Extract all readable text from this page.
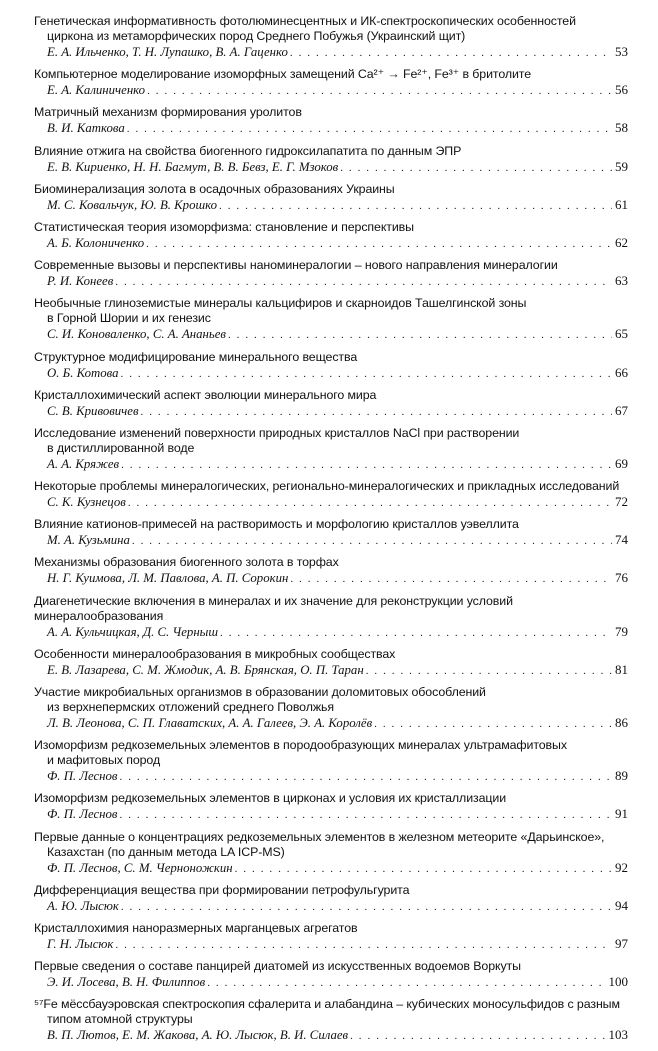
Генетическая информативность фотолюминесцентных и ИК-спектроскопических особенностей
циркона из метаморфических пород Среднего Побужья (Украинский щит)
Е. А. Ильченко, Т. Н. Лупашко, В. А. Гаценко . . .	53
Компьютерное моделирование изоморфных замещений Ca²⁺ → Fe²⁺, Fe³⁺ в бритолите
Е. А. Калиниченко . . .	56
Матричный механизм формирования уролитов
В. И. Каткова . . .	58
Влияние отжига на свойства биогенного гидроксилапатита по данным ЭПР
Е. В. Кириенко, Н. Н. Багмут, В. В. Бевз, Е. Г. Мзоков . . .	59
Биоминерализация золота в осадочных образованиях Украины
М. С. Ковальчук, Ю. В. Крошко . . .	61
Статистическая теория изоморфизма: становление и перспективы
А. Б. Колониченко . . .	62
Современные вызовы и перспективы наноминералогии – нового направления минералогии
Р. И. Конеев . . .	63
Необычные глиноземистые минералы кальцифиров и скарноидов Ташелгинской зоны
в Горной Шории и их генезис
С. И. Коноваленко, С. А. Ананьев . . .	65
Структурное модифицирование минерального вещества
О. Б. Котова . . .	66
Кристаллохимический аспект эволюции минерального мира
С. В. Кривовичев . . .	67
Исследование изменений поверхности природных кристаллов NaCl при растворении
в дистиллированной воде
А. А. Кряжев . . .	69
Некоторые проблемы минералогических, регионально-минералогических и прикладных исследований
С. К. Кузнецов . . .	72
Влияние катионов-примесей на растворимость и морфологию кристаллов уэвеллита
М. А. Кузьмина . . .	74
Механизмы образования биогенного золота в торфах
Н. Г. Куимова, Л. М. Павлова, А. П. Сорокин . . .	76
Диагенетические включения в минералах и их значение для реконструкции условий минералообразования
А. А. Кульчицкая, Д. С. Черныш . . .	79
Особенности минералообразования в микробных сообществах
Е. В. Лазарева, С. М. Жмодик, А. В. Брянская, О. П. Таран . . .	81
Участие микробиальных организмов в образовании доломитовых обособлений
из верхнепермских отложений среднего Поволжья
Л. В. Леонова, С. П. Главатских, А. А. Галеев, Э. А. Королёв . . .	86
Изоморфизм редкоземельных элементов в породообразующих минералах ультрамафитовых
и мафитовых пород
Ф. П. Леснов . . .	89
Изоморфизм редкоземельных элементов в цирконах и условия их кристаллизации
Ф. П. Леснов . . .	91
Первые данные о концентрациях редкоземельных элементов в железном метеорите «Дарьинское»,
Казахстан (по данным метода LA ICP-MS)
Ф. П. Леснов, С. М. Черноножкин . . .	92
Дифференциация вещества при формировании петрофульгурита
А. Ю. Лысюк . . .	94
Кристаллохимия наноразмерных марганцевых агрегатов
Г. Н. Лысюк . . .	97
Первые сведения о составе панцирей диатомей из искусственных водоемов Воркуты
Э. И. Лосева, В. Н. Филиппов . . .	100
⁵⁷Fe мёссбауэровская спектроскопия сфалерита и алабандина – кубических моносульфидов с разным
типом атомной структуры
В. П. Лютов, Е. М. Жакова, А. Ю. Лысюк, В. И. Силаев . . .	103
